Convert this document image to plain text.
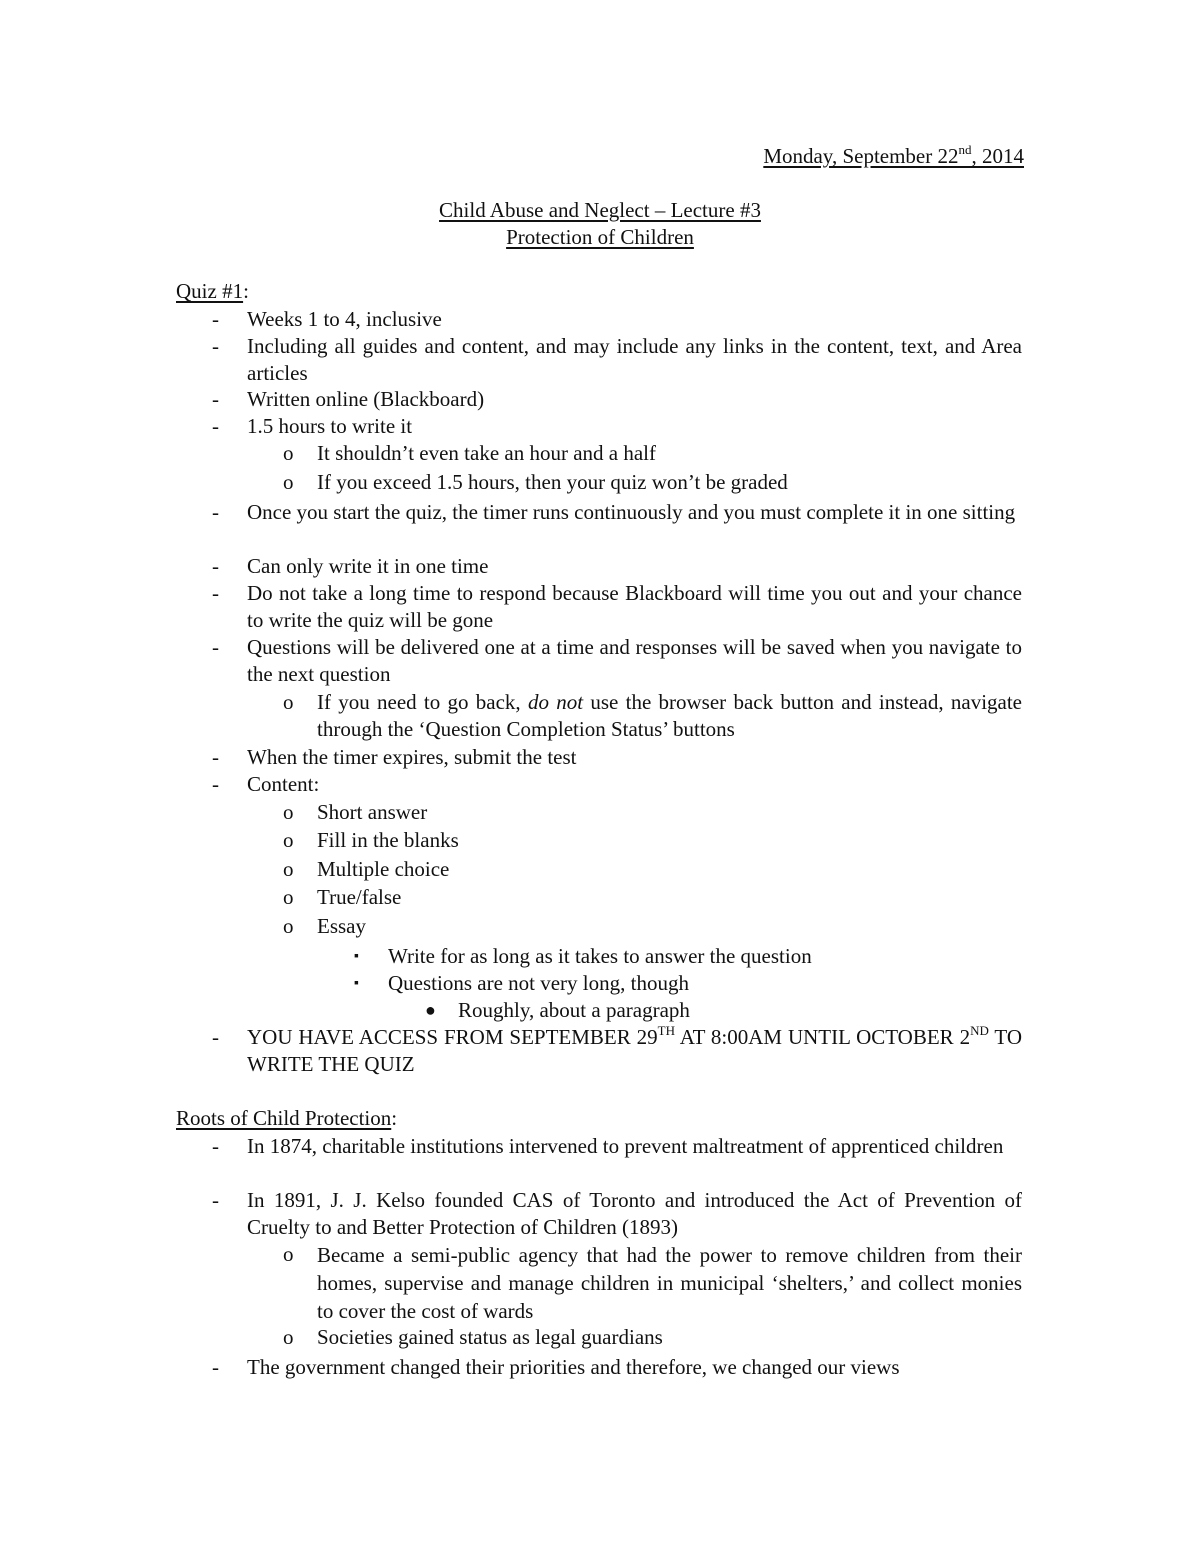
Monday, September 22nd, 2014
Child Abuse and Neglect – Lecture #3
Protection of Children
Quiz #1:
- Weeks 1 to 4, inclusive
- Including all guides and content, and may include any links in the content, text, and Area articles
- Written online (Blackboard)
- 1.5 hours to write it
o It shouldn’t even take an hour and a half
o If you exceed 1.5 hours, then your quiz won’t be graded
- Once you start the quiz, the timer runs continuously and you must complete it in one sitting
- Can only write it in one time
- Do not take a long time to respond because Blackboard will time you out and your chance to write the quiz will be gone
- Questions will be delivered one at a time and responses will be saved when you navigate to the next question
o If you need to go back, do not use the browser back button and instead, navigate through the ‘Question Completion Status’ buttons
- When the timer expires, submit the test
- Content:
o Short answer
o Fill in the blanks
o Multiple choice
o True/false
o Essay
▪ Write for as long as it takes to answer the question
▪ Questions are not very long, though
● Roughly, about a paragraph
- YOU HAVE ACCESS FROM SEPTEMBER 29TH AT 8:00AM UNTIL OCTOBER 2ND TO WRITE THE QUIZ
Roots of Child Protection:
- In 1874, charitable institutions intervened to prevent maltreatment of apprenticed children
- In 1891, J. J. Kelso founded CAS of Toronto and introduced the Act of Prevention of Cruelty to and Better Protection of Children (1893)
o Became a semi-public agency that had the power to remove children from their homes, supervise and manage children in municipal ‘shelters,’ and collect monies to cover the cost of wards
o Societies gained status as legal guardians
- The government changed their priorities and therefore, we changed our views
